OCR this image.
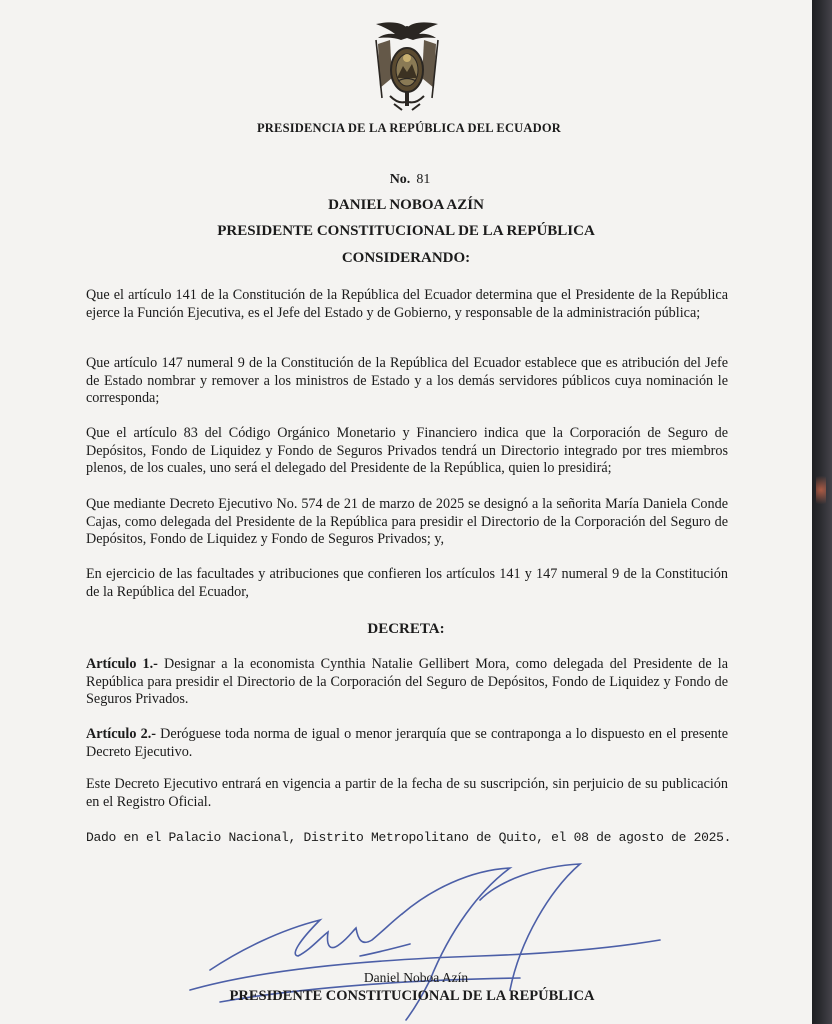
PRESIDENCIA DE LA REPÚBLICA DEL ECUADOR

No. 81

DANIEL NOBOA AZÍN

PRESIDENTE CONSTITUCIONAL DE LA REPÚBLICA

CONSIDERANDO:

Que el artículo 141 de la Constitución de la República del Ecuador determina que el Presidente de la República ejerce la Función Ejecutiva, es el Jefe del Estado y de Gobierno, y responsable de la administración pública;

Que artículo 147 numeral 9 de la Constitución de la República del Ecuador establece que es atribución del Jefe de Estado nombrar y remover a los ministros de Estado y a los demás servidores públicos cuya nominación le corresponda;

Que el artículo 83 del Código Orgánico Monetario y Financiero indica que la Corporación de Seguro de Depósitos, Fondo de Liquidez y Fondo de Seguros Privados tendrá un Directorio integrado por tres miembros plenos, de los cuales, uno será el delegado del Presidente de la República, quien lo presidirá;

Que mediante Decreto Ejecutivo No. 574 de 21 de marzo de 2025 se designó a la señorita María Daniela Conde Cajas, como delegada del Presidente de la República para presidir el Directorio de la Corporación del Seguro de Depósitos, Fondo de Liquidez y Fondo de Seguros Privados; y,

En ejercicio de las facultades y atribuciones que confieren los artículos 141 y 147 numeral 9 de la Constitución de la República del Ecuador,

DECRETA:

Artículo 1.- Designar a la economista Cynthia Natalie Gellibert Mora, como delegada del Presidente de la República para presidir el Directorio de la Corporación del Seguro de Depósitos, Fondo de Liquidez y Fondo de Seguros Privados.

Artículo 2.- Deróguese toda norma de igual o menor jerarquía que se contraponga a lo dispuesto en el presente Decreto Ejecutivo.

Este Decreto Ejecutivo entrará en vigencia a partir de la fecha de su suscripción, sin perjuicio de su publicación en el Registro Oficial.

Dado en el Palacio Nacional, Distrito Metropolitano de Quito, el 08 de agosto de 2025.

Daniel Noboa Azín

PRESIDENTE CONSTITUCIONAL DE LA REPÚBLICA
